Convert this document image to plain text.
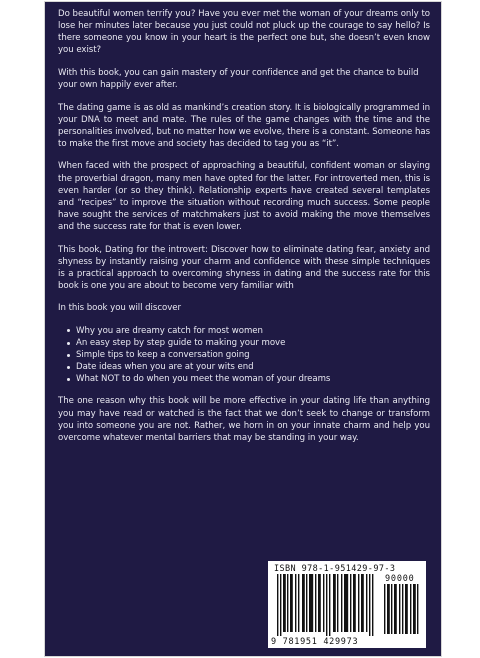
Do beautiful women terrify you? Have you ever met the woman of your dreams only to lose her minutes later because you just could not pluck up the courage to say hello? Is there someone you know in your heart is the perfect one but, she doesn’t even know you exist?

With this book, you can gain mastery of your confidence and get the chance to build your own happily ever after.

The dating game is as old as mankind’s creation story. It is biologically programmed in your DNA to meet and mate. The rules of the game changes with the time and the personalities involved, but no matter how we evolve, there is a constant. Someone has to make the first move and society has decided to tag you as “it”.

When faced with the prospect of approaching a beautiful, confident woman or slaying the proverbial dragon, many men have opted for the latter. For introverted men, this is even harder (or so they think). Relationship experts have created several templates and “recipes” to improve the situation without recording much success. Some people have sought the services of matchmakers just to avoid making the move themselves and the success rate for that is even lower.

This book, Dating for the introvert: Discover how to eliminate dating fear, anxiety and shyness by instantly raising your charm and confidence with these simple techniques is a practical approach to overcoming shyness in dating and the success rate for this book is one you are about to become very familiar with

In this book you will discover

Why you are dreamy catch for most women
An easy step by step guide to making your move
Simple tips to keep a conversation going
Date ideas when you are at your wits end
What NOT to do when you meet the woman of your dreams

The one reason why this book will be more effective in your dating life than anything you may have read or watched is the fact that we don’t seek to change or transform you into someone you are not. Rather, we horn in on your innate charm and help you overcome whatever mental barriers that may be standing in your way.

ISBN 978-1-951429-97-3
90000
9 781951 429973
